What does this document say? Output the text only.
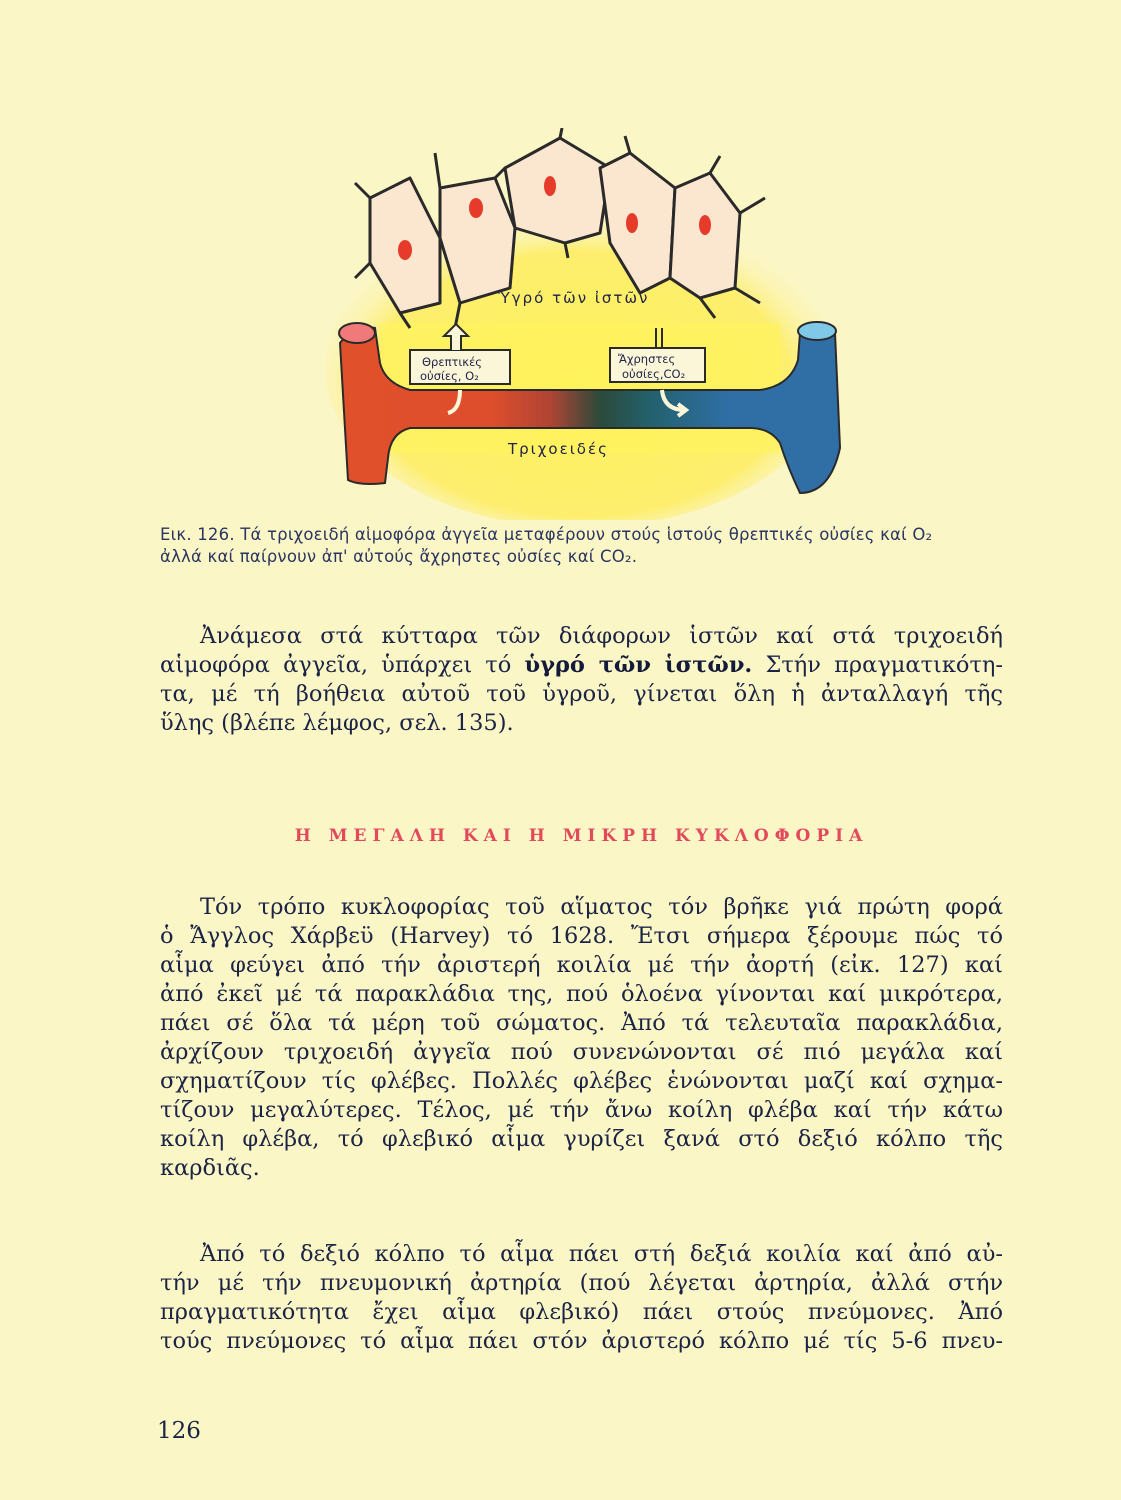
Ὑγρό τῶν ἰστῶν
Θρεπτικές
οὐσίες, O₂
Ἄχρηστες
οὐσίες,CO₂
Τριχοειδές
Εικ. 126. Τά τριχοειδή αἱμοφόρα ἀγγεῖα μεταφέρουν στούς ἱστούς θρεπτικές οὐσίες καί O₂
ἀλλά καί παίρνουν ἀπ' αὐτούς ἄχρηστες οὐσίες καί CO₂.
Ἀνάμεσα στά κύτταρα τῶν διάφορων ἱστῶν καί στά τριχοειδή
αἱμοφόρα ἀγγεῖα, ὑπάρχει τό ὑγρό τῶν ἱστῶν. Στήν πραγματικότη-
τα, μέ τή βοήθεια αὐτοῦ τοῦ ὑγροῦ, γίνεται ὅλη ἡ ἀνταλλαγή τῆς
ὕλης (βλέπε λέμφος, σελ. 135).
Η ΜΕΓΑΛΗ ΚΑΙ Η ΜΙΚΡΗ ΚΥΚΛΟΦΟΡΙΑ
Τόν τρόπο κυκλοφορίας τοῦ αἵματος τόν βρῆκε γιά πρώτη φορά
ὁ Ἄγγλος Χάρβεϋ (Harvey) τό 1628. Ἔτσι σήμερα ξέρουμε πώς τό
αἷμα φεύγει ἀπό τήν ἀριστερή κοιλία μέ τήν ἀορτή (εἰκ. 127) καί
ἀπό ἐκεῖ μέ τά παρακλάδια της, πού ὁλοένα γίνονται καί μικρότερα,
πάει σέ ὅλα τά μέρη τοῦ σώματος. Ἀπό τά τελευταῖα παρακλάδια,
ἀρχίζουν τριχοειδή ἀγγεῖα πού συνενώνονται σέ πιό μεγάλα καί
σχηματίζουν τίς φλέβες. Πολλές φλέβες ἑνώνονται μαζί καί σχημα-
τίζουν μεγαλύτερες. Τέλος, μέ τήν ἄνω κοίλη φλέβα καί τήν κάτω
κοίλη φλέβα, τό φλεβικό αἷμα γυρίζει ξανά στό δεξιό κόλπο τῆς
καρδιᾶς.
Ἀπό τό δεξιό κόλπο τό αἷμα πάει στή δεξιά κοιλία καί ἀπό αὐ-
τήν μέ τήν πνευμονική ἀρτηρία (πού λέγεται ἀρτηρία, ἀλλά στήν
πραγματικότητα ἔχει αἷμα φλεβικό) πάει στούς πνεύμονες. Ἀπό
τούς πνεύμονες τό αἷμα πάει στόν ἀριστερό κόλπο μέ τίς 5-6 πνευ-
126
